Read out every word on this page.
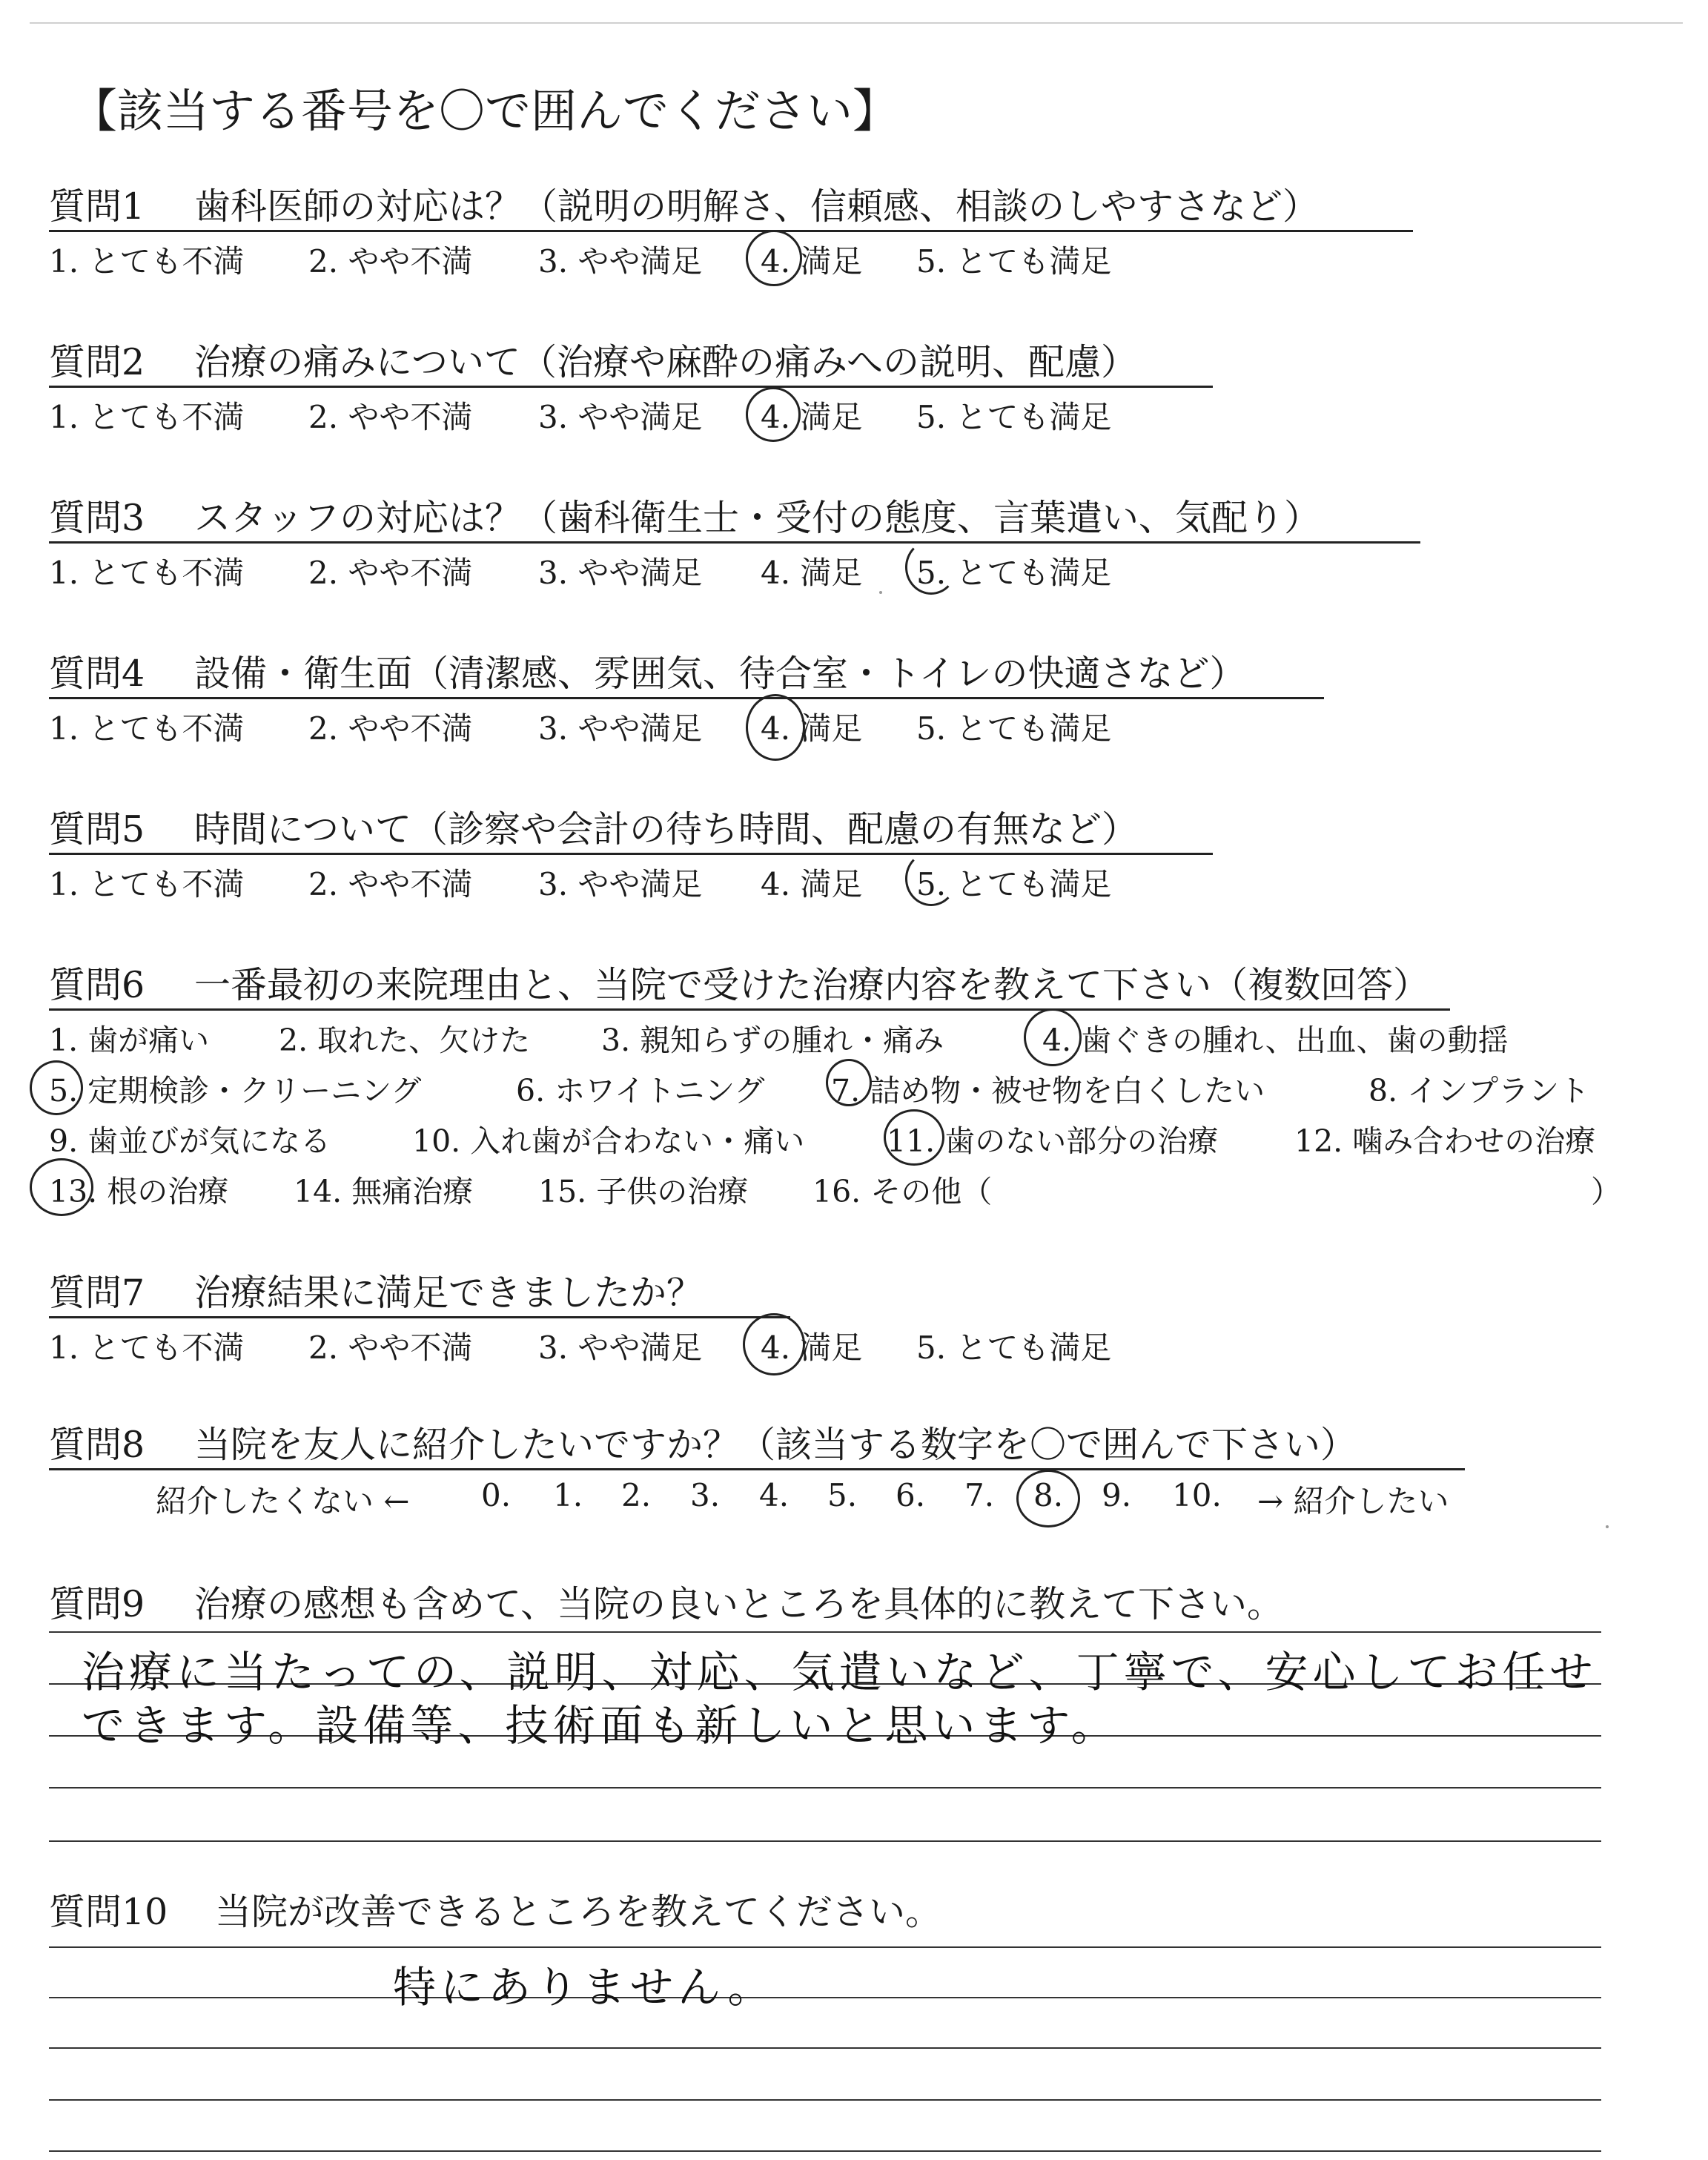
【該当する番号を〇で囲んでください】
質問1 歯科医師の対応は？（説明の明解さ、信頼感、相談のしやすさなど）
1. とても不満 2. やや不満 3. やや満足 4. 満足 5. とても満足
質問2 治療の痛みについて（治療や麻酔の痛みへの説明、配慮）
1. とても不満 2. やや不満 3. やや満足 4. 満足 5. とても満足
質問3 スタッフの対応は？（歯科衛生士・受付の態度、言葉遣い、気配り）
1. とても不満 2. やや不満 3. やや満足 4. 満足 5. とても満足
質問4 設備・衛生面（清潔感、雰囲気、待合室・トイレの快適さなど）
1. とても不満 2. やや不満 3. やや満足 4. 満足 5. とても満足
質問5 時間について（診察や会計の待ち時間、配慮の有無など）
1. とても不満 2. やや不満 3. やや満足 4. 満足 5. とても満足
質問6 一番最初の来院理由と、当院で受けた治療内容を教えて下さい（複数回答）
1. 歯が痛い 2. 取れた、欠けた 3. 親知らずの腫れ・痛み	4. 歯ぐきの腫れ、出血、歯の動揺
5. 定期検診・クリーニング	6. ホワイトニング 7. 詰め物・被せ物を白くしたい	8. インプラント
9. 歯並びが気になる	10. 入れ歯が合わない・痛い	11. 歯のない部分の治療	12. 噛み合わせの治療
13. 根の治療 14. 無痛治療 15. 子供の治療 16. その他（	）
質問7 治療結果に満足できましたか？
1. とても不満 2. やや不満 3. やや満足 4. 満足 5. とても満足
質問8 当院を友人に紹介したいですか？（該当する数字を〇で囲んで下さい）
紹介したくない ← 0. 1. 2. 3. 4. 5. 6. 7. 8. 9. 10. → 紹介したい
質問9 治療の感想も含めて、当院の良いところを具体的に教えて下さい。
治療に当たっての、説明、対応、気遣いなど、丁寧で、安心してお任せ
できます。設備等、技術面も新しいと思います。
質問10 当院が改善できるところを教えてください。
特にありません。
